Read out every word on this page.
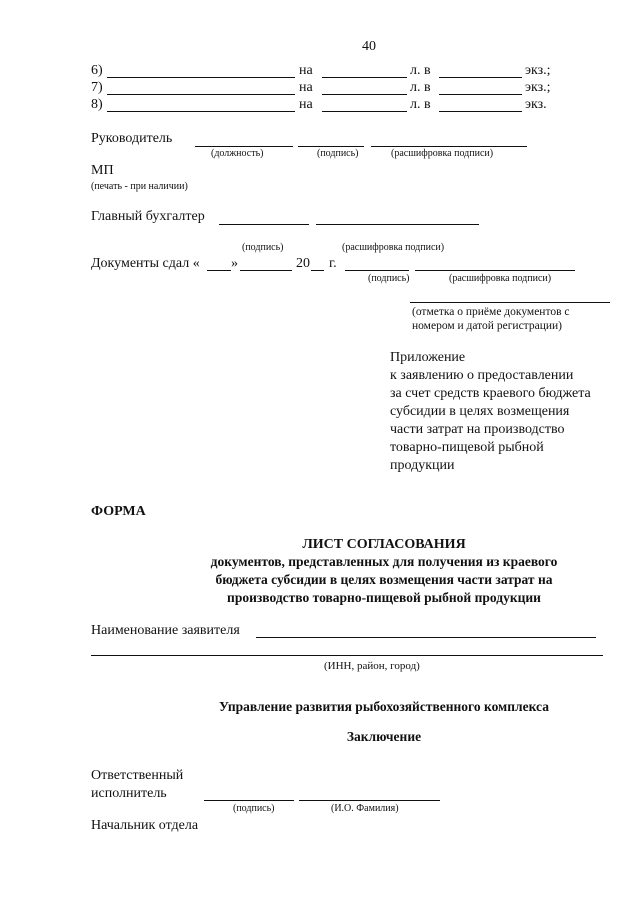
40
6)	на	л. в	экз.;
7)	на	л. в	экз.;
8)	на	л. в	экз.
Руководитель
(должность)	(подпись)	(расшифровка подписи)
МП
(печать - при наличии)
Главный бухгалтер
(подпись)	(расшифровка подписи)
Документы сдал « »	20 г.
(подпись)	(расшифровка подписи)
(отметка о приёме документов с
номером и датой регистрации)
Приложение
к заявлению о предоставлении
за счет средств краевого бюджета
субсидии в целях возмещения
части затрат на производство
товарно-пищевой рыбной
продукции
ФОРМА
ЛИСТ СОГЛАСОВАНИЯ
документов, представленных для получения из краевого
бюджета субсидии в целях возмещения части затрат на
производство товарно-пищевой рыбной продукции
Наименование заявителя
(ИНН, район, город)
Управление развития рыбохозяйственного комплекса
Заключение
Ответственный
исполнитель
(подпись)	(И.О. Фамилия)
Начальник отдела
